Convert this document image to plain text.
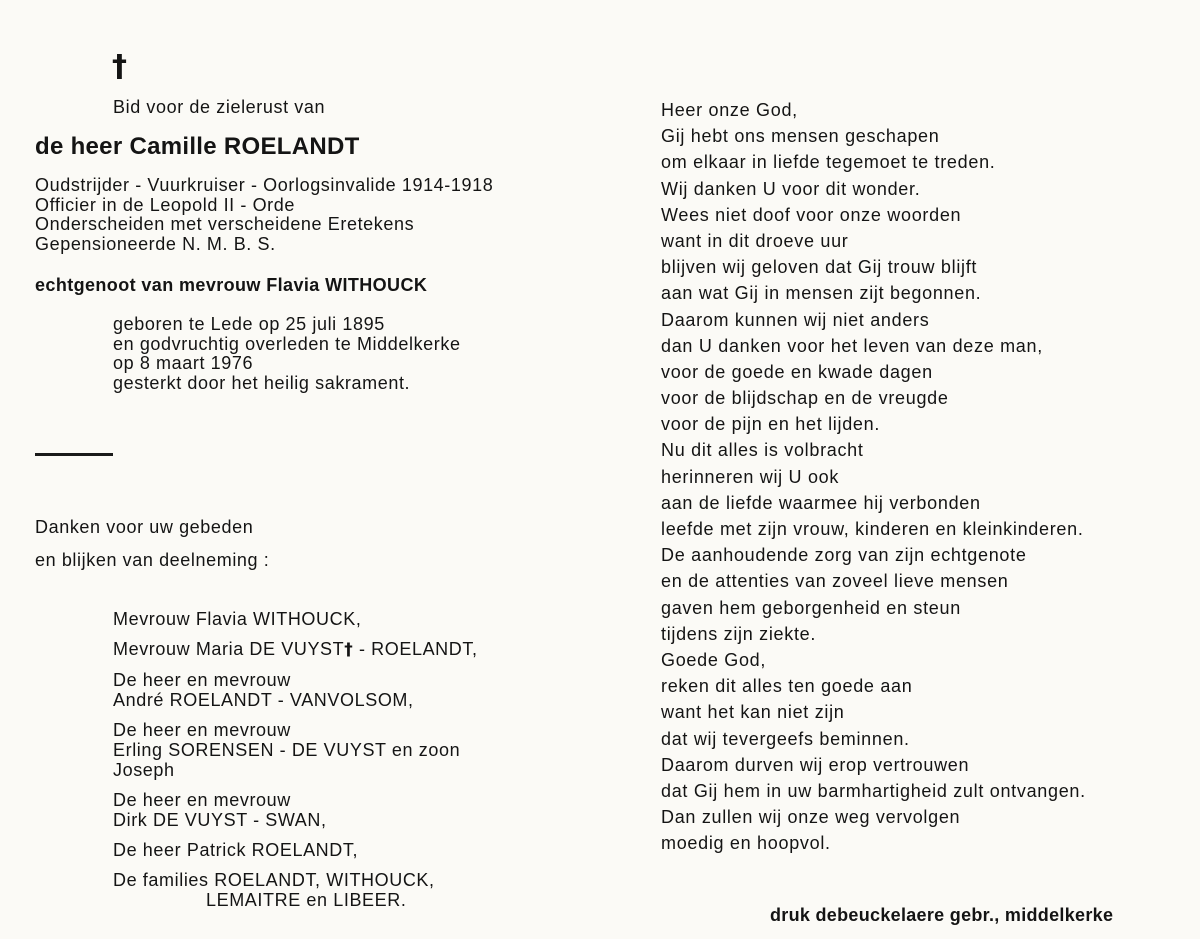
†
Bid voor de zielerust van
de heer Camille ROELANDT
Oudstrijder - Vuurkruiser - Oorlogsinvalide 1914-1918
Officier in de Leopold II - Orde
Onderscheiden met verscheidene Eretekens
Gepensioneerde N. M. B. S.
echtgenoot van mevrouw Flavia WITHOUCK
geboren te Lede op 25 juli 1895
en godvruchtig overleden te Middelkerke
op 8 maart 1976
gesterkt door het heilig sakrament.
Danken voor uw gebeden
en blijken van deelneming :
Mevrouw Flavia WITHOUCK,
Mevrouw Maria DE VUYST† - ROELANDT,
De heer en mevrouw
André ROELANDT - VANVOLSOM,
De heer en mevrouw
Erling SORENSEN - DE VUYST en zoon
Joseph
De heer en mevrouw
Dirk DE VUYST - SWAN,
De heer Patrick ROELANDT,
De families ROELANDT, WITHOUCK,
LEMAITRE en LIBEER.
Heer onze God,
Gij hebt ons mensen geschapen
om elkaar in liefde tegemoet te treden.
Wij danken U voor dit wonder.
Wees niet doof voor onze woorden
want in dit droeve uur
blijven wij geloven dat Gij trouw blijft
aan wat Gij in mensen zijt begonnen.
Daarom kunnen wij niet anders
dan U danken voor het leven van deze man,
voor de goede en kwade dagen
voor de blijdschap en de vreugde
voor de pijn en het lijden.
Nu dit alles is volbracht
herinneren wij U ook
aan de liefde waarmee hij verbonden
leefde met zijn vrouw, kinderen en kleinkinderen.
De aanhoudende zorg van zijn echtgenote
en de attenties van zoveel lieve mensen
gaven hem geborgenheid en steun
tijdens zijn ziekte.
Goede God,
reken dit alles ten goede aan
want het kan niet zijn
dat wij tevergeefs beminnen.
Daarom durven wij erop vertrouwen
dat Gij hem in uw barmhartigheid zult ontvangen.
Dan zullen wij onze weg vervolgen
moedig en hoopvol.
druk debeuckelaere gebr., middelkerke
